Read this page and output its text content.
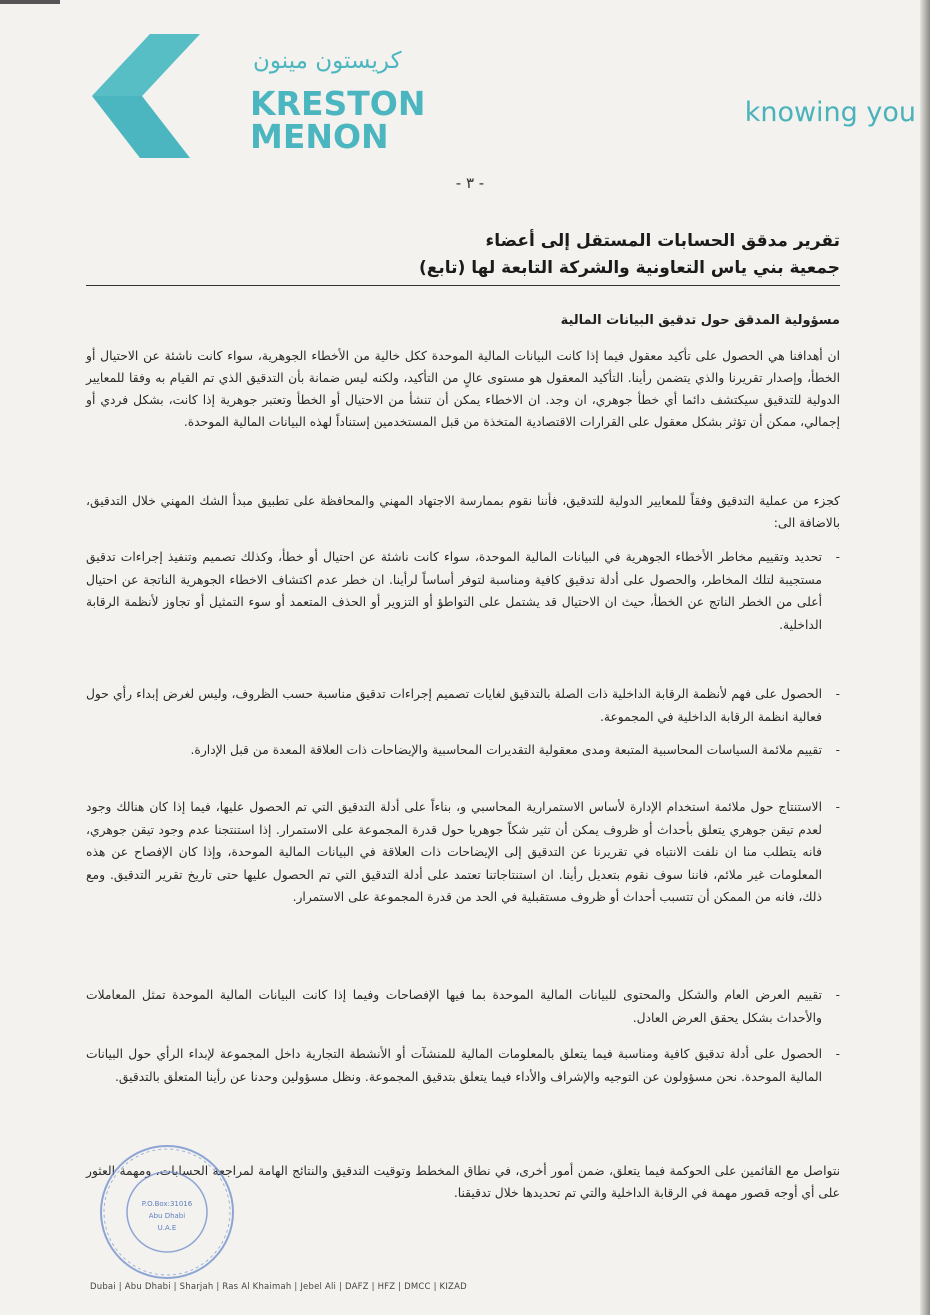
كريستون مينون
KRESTON
MENON
knowing you
- ٣ -
تقرير مدقق الحسابات المستقل إلى أعضاء
جمعية بني ياس التعاونية والشركة التابعة لها (تابع)
مسؤولية المدقق حول تدقيق البيانات المالية
ان أهدافنا هي الحصول على تأكيد معقول فيما إذا كانت البيانات المالية الموحدة ككل خالية من الأخطاء الجوهرية، سواء كانت ناشئة عن الاحتيال أو الخطأ، وإصدار تقريرنا والذي يتضمن رأينا. التأكيد المعقول هو مستوى عالٍ من التأكيد، ولكنه ليس ضمانة بأن التدقيق الذي تم القيام به وفقا للمعايير الدولية للتدقيق سيكتشف دائما أي خطأ جوهري، ان وجد. ان الاخطاء يمكن أن تنشأ من الاحتيال أو الخطأ وتعتبر جوهرية إذا كانت، بشكل فردي أو إجمالي، ممكن أن تؤثر بشكل معقول على القرارات الاقتصادية المتخذة من قبل المستخدمين إستناداً لهذه البيانات المالية الموحدة.
كجزء من عملية التدقيق وفقاً للمعايير الدولية للتدقيق، فأننا نقوم بممارسة الاجتهاد المهني والمحافظة على تطبيق مبدأ الشك المهني خلال التدقيق، بالاضافة الى:
-
تحديد وتقييم مخاطر الأخطاء الجوهرية في البيانات المالية الموحدة، سواء كانت ناشئة عن احتيال أو خطأ، وكذلك تصميم وتنفيذ إجراءات تدقيق مستجيبة لتلك المخاطر، والحصول على أدلة تدقيق كافية ومناسبة لتوفر أساساً لرأينا. ان خطر عدم اكتشاف الاخطاء الجوهرية الناتجة عن احتيال أعلى من الخطر الناتج عن الخطأ، حيث ان الاحتيال قد يشتمل على التواطؤ أو التزوير أو الحذف المتعمد أو سوء التمثيل أو تجاوز لأنظمة الرقابة الداخلية.
-
الحصول على فهم لأنظمة الرقابة الداخلية ذات الصلة بالتدقيق لغايات تصميم إجراءات تدقيق مناسبة حسب الظروف، وليس لغرض إبداء رأي حول فعالية انظمة الرقابة الداخلية في المجموعة.
-
تقييم ملائمة السياسات المحاسبية المتبعة ومدى معقولية التقديرات المحاسبية والإيضاحات ذات العلاقة المعدة من قبل الإدارة.
-
الاستنتاج حول ملائمة استخدام الإدارة لأساس الاستمرارية المحاسبي و، بناءاً على أدلة التدقيق التي تم الحصول عليها، فيما إذا كان هنالك وجود لعدم تيقن جوهري يتعلق بأحداث أو ظروف يمكن أن تثير شكاً جوهريا حول قدرة المجموعة على الاستمرار. إذا استنتجنا عدم وجود تيقن جوهري، فانه يتطلب منا ان نلفت الانتباه في تقريرنا عن التدقيق إلى الإيضاحات ذات العلاقة في البيانات المالية الموحدة، وإذا كان الإفصاح عن هذه المعلومات غير ملائم، فاننا سوف نقوم بتعديل رأينا. ان استنتاجاتنا تعتمد على أدلة التدقيق التي تم الحصول عليها حتى تاريخ تقرير التدقيق. ومع ذلك، فانه من الممكن أن تتسبب أحداث أو ظروف مستقبلية في الحد من قدرة المجموعة على الاستمرار.
-
تقييم العرض العام والشكل والمحتوى للبيانات المالية الموحدة بما فيها الإفصاحات وفيما إذا كانت البيانات المالية الموحدة تمثل المعاملات والأحداث بشكل يحقق العرض العادل.
-
الحصول على أدلة تدقيق كافية ومناسبة فيما يتعلق بالمعلومات المالية للمنشآت أو الأنشطة التجارية داخل المجموعة لإبداء الرأي حول البيانات المالية الموحدة. نحن مسؤولون عن التوجيه والإشراف والأداء فيما يتعلق بتدقيق المجموعة. ونظل مسؤولين وحدنا عن رأينا المتعلق بالتدقيق.
نتواصل مع القائمين على الحوكمة فيما يتعلق، ضمن أمور أخرى، في نطاق المخطط وتوقيت التدقيق والنتائج الهامة لمراجعة الحسابات، ومهمة العثور على أي أوجه قصور مهمة في الرقابة الداخلية والتي تم تحديدها خلال تدقيقنا.
P.O.Box:31016
Abu Dhabi
U.A.E
Dubai | Abu Dhabi | Sharjah | Ras Al Khaimah | Jebel Ali | DAFZ | HFZ | DMCC | KIZAD
